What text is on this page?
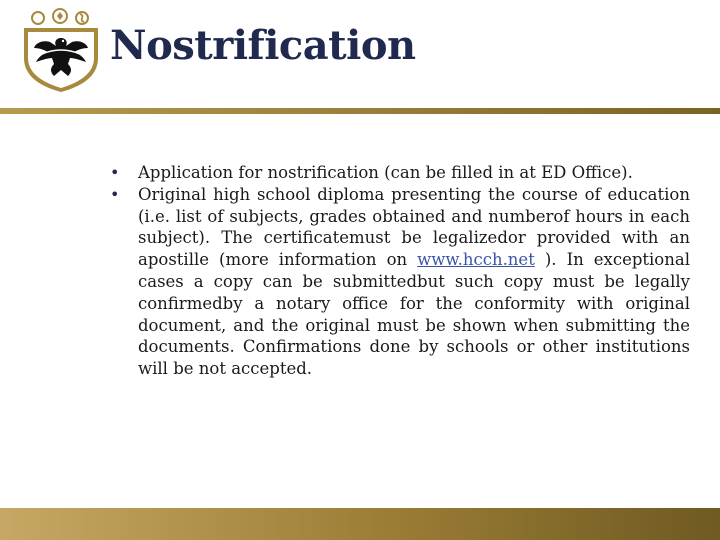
Nostrification
• Application for nostrification (can be filled in at ED Office).
• Original high school diploma presenting the course of education (i.e. list of subjects, grades obtained and numberof hours in each subject). The certificatemust be legalizedor provided with an apostille (more information on www.hcch.net ). In exceptional cases a copy can be submittedbut such copy must be legally confirmedby a notary office for the conformity with original document, and the original must be shown when submitting the documents. Confirmations done by schools or other institutions will be not accepted.
